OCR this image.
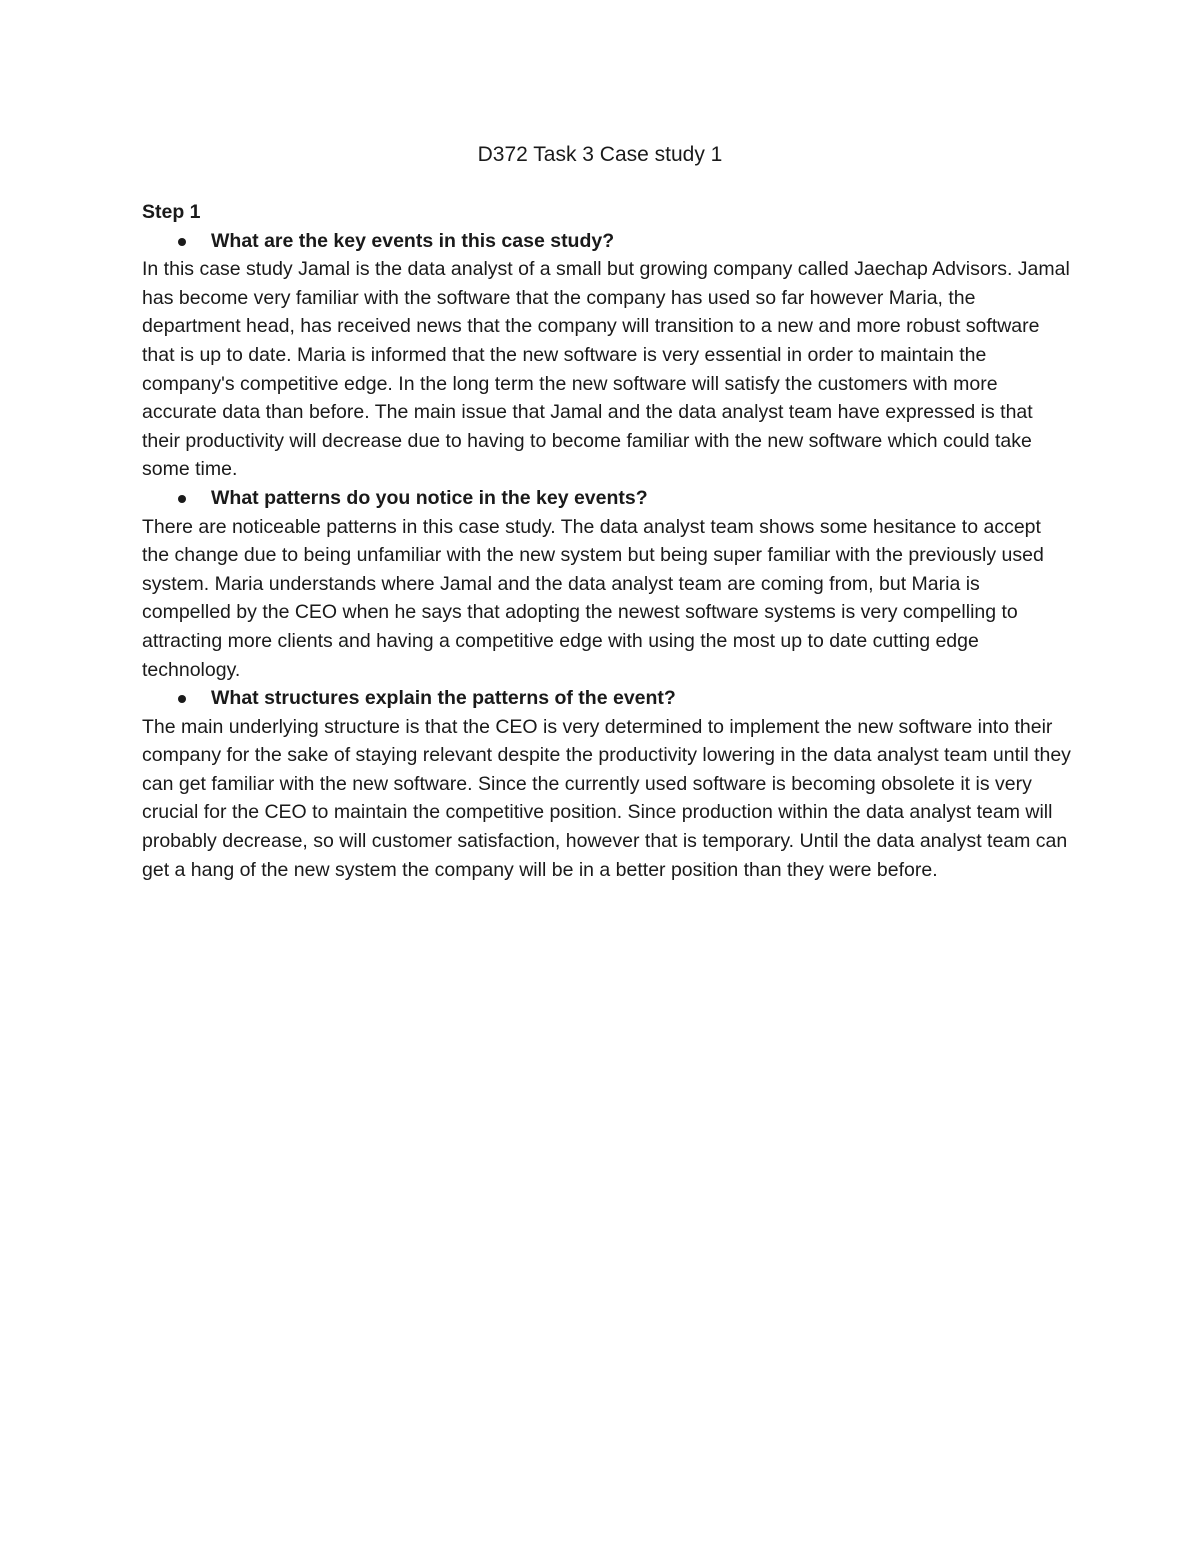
D372 Task 3 Case study 1

Step 1

What are the key events in this case study?

In this case study Jamal is the data analyst of a small but growing company called Jaechap Advisors. Jamal has become very familiar with the software that the company has used so far however Maria, the department head, has received news that the company will transition to a new and more robust software that is up to date. Maria is informed that the new software is very essential in order to maintain the company's competitive edge. In the long term the new software will satisfy the customers with more accurate data than before. The main issue that Jamal and the data analyst team have expressed is that their productivity will decrease due to having to become familiar with the new software which could take some time.

What patterns do you notice in the key events?

There are noticeable patterns in this case study. The data analyst team shows some hesitance to accept the change due to being unfamiliar with the new system but being super familiar with the previously used system. Maria understands where Jamal and the data analyst team are coming from, but Maria is compelled by the CEO when he says that adopting the newest software systems is very compelling to attracting more clients and having a competitive edge with using the most up to date cutting edge technology.

What structures explain the patterns of the event?

The main underlying structure is that the CEO is very determined to implement the new software into their company for the sake of staying relevant despite the productivity lowering in the data analyst team until they can get familiar with the new software. Since the currently used software is becoming obsolete it is very crucial for the CEO to maintain the competitive position. Since production within the data analyst team will probably decrease, so will customer satisfaction, however that is temporary. Until the data analyst team can get a hang of the new system the company will be in a better position than they were before.
